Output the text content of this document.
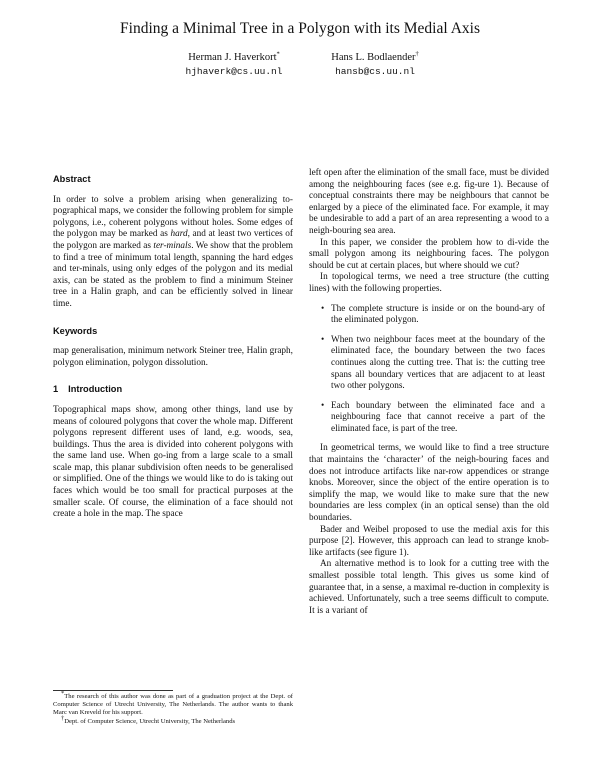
Finding a Minimal Tree in a Polygon with its Medial Axis
Herman J. Haverkort*
hjhaverk@cs.uu.nl
Hans L. Bodlaender†
hansb@cs.uu.nl
Abstract

In order to solve a problem arising when generalizing to-pographical maps, we consider the following problem for simple polygons, i.e., coherent polygons without holes. Some edges of the polygon may be marked as hard, and at least two vertices of the polygon are marked as ter-minals. We show that the problem to find a tree of minimum total length, spanning the hard edges and ter-minals, using only edges of the polygon and its medial axis, can be stated as the problem to find a minimum Steiner tree in a Halin graph, and can be efficiently solved in linear time.

Keywords

map generalisation, minimum network Steiner tree, Halin graph, polygon elimination, polygon dissolution.

1 Introduction

Topographical maps show, among other things, land use by means of coloured polygons that cover the whole map. Different polygons represent different uses of land, e.g. woods, sea, buildings. Thus the area is divided into coherent polygons with the same land use. When go-ing from a large scale to a small scale map, this planar subdivision often needs to be generalised or simplified. One of the things we would like to do is taking out faces which would be too small for practical purposes at the smaller scale. Of course, the elimination of a face should not create a hole in the map. The space

*The research of this author was done as part of a graduation project at the Dept. of Computer Science of Utrecht University, The Netherlands. The author wants to thank Marc van Kreveld for his support.
†Dept. of Computer Science, Utrecht University, The Netherlands

left open after the elimination of the small face, must be divided among the neighbouring faces (see e.g. fig-ure 1). Because of conceptual constraints there may be neighbours that cannot be enlarged by a piece of the eliminated face. For example, it may be undesirable to add a part of an area representing a wood to a neigh-bouring sea area.

In this paper, we consider the problem how to di-vide the small polygon among its neighbouring faces. The polygon should be cut at certain places, but where should we cut?

In topological terms, we need a tree structure (the cutting lines) with the following properties.

• The complete structure is inside or on the bound-ary of the eliminated polygon.
• When two neighbour faces meet at the boundary of the eliminated face, the boundary between the two faces continues along the cutting tree. That is: the cutting tree spans all boundary vertices that are adjacent to at least two other polygons.
• Each boundary between the eliminated face and a neighbouring face that cannot receive a part of the eliminated face, is part of the tree.

In geometrical terms, we would like to find a tree structure that maintains the ‘character’ of the neigh-bouring faces and does not introduce artifacts like nar-row appendices or strange knobs. Moreover, since the object of the entire operation is to simplify the map, we would like to make sure that the new boundaries are less complex (in an optical sense) than the old boundaries.

Bader and Weibel proposed to use the medial axis for this purpose [2]. However, this approach can lead to strange knob-like artifacts (see figure 1).

An alternative method is to look for a cutting tree with the smallest possible total length. This gives us some kind of guarantee that, in a sense, a maximal re-duction in complexity is achieved. Unfortunately, such a tree seems difficult to compute. It is a variant of
